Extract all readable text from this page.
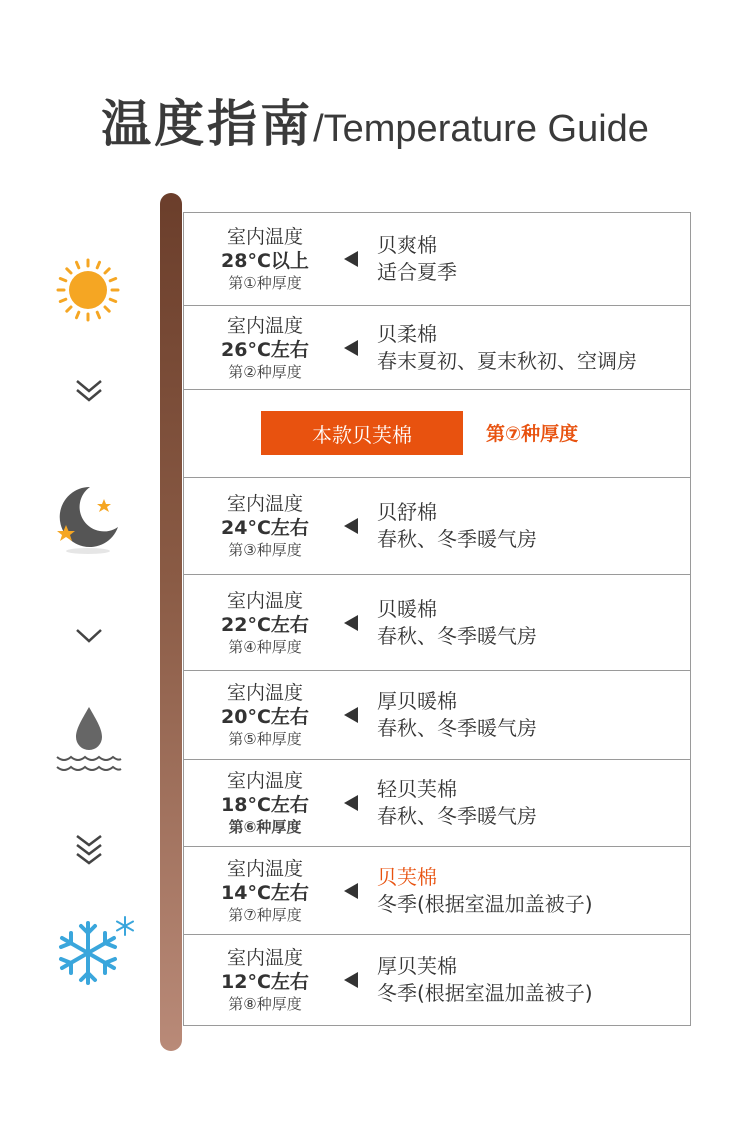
温度指南/Temperature Guide
室内温度
28°C以上
第①种厚度
贝爽棉
适合夏季
室内温度
26°C左右
第②种厚度
贝柔棉
春末夏初、夏末秋初、空调房
本款贝芙棉	第⑦种厚度
室内温度
24°C左右
第③种厚度
贝舒棉
春秋、冬季暖气房
室内温度
22°C左右
第④种厚度
贝暖棉
春秋、冬季暖气房
室内温度
20°C左右
第⑤种厚度
厚贝暖棉
春秋、冬季暖气房
室内温度
18°C左右
第⑥种厚度
轻贝芙棉
春秋、冬季暖气房
室内温度
14°C左右
第⑦种厚度
贝芙棉
冬季(根据室温加盖被子)
室内温度
12°C左右
第⑧种厚度
厚贝芙棉
冬季(根据室温加盖被子)
